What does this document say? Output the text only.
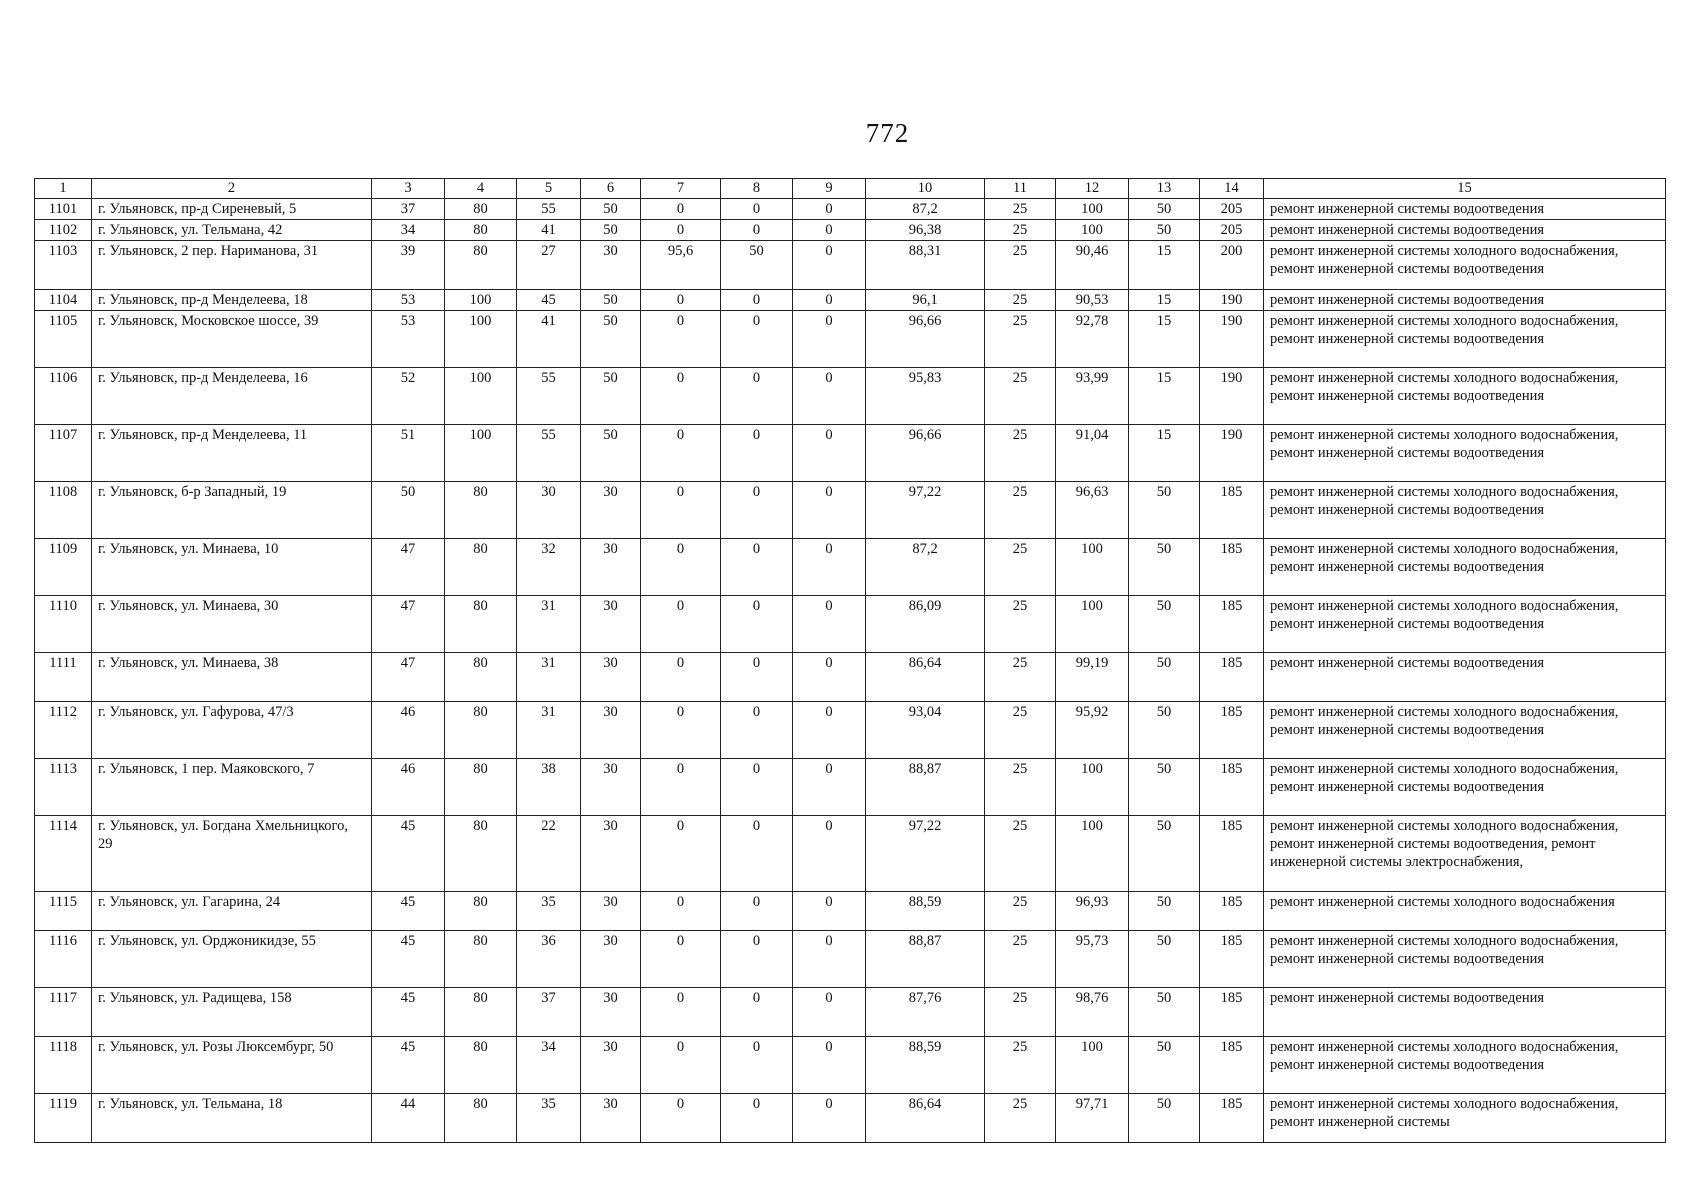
772
1	2	3	4	5	6	7	8	9	10	11	12	13	14	15
1101	г. Ульяновск, пр-д Сиреневый, 5	37	80	55	50	0	0	0	87,2	25	100	50	205	ремонт инженерной системы водоотведения
1102	г. Ульяновск, ул. Тельмана, 42	34	80	41	50	0	0	0	96,38	25	100	50	205	ремонт инженерной системы водоотведения
1103	г. Ульяновск, 2 пер. Нариманова, 31	39	80	27	30	95,6	50	0	88,31	25	90,46	15	200	ремонт инженерной системы холодного водоснабжения, ремонт инженерной системы водоотведения
1104	г. Ульяновск, пр-д Менделеева, 18	53	100	45	50	0	0	0	96,1	25	90,53	15	190	ремонт инженерной системы водоотведения
1105	г. Ульяновск, Московское шоссе, 39	53	100	41	50	0	0	0	96,66	25	92,78	15	190	ремонт инженерной системы холодного водоснабжения, ремонт инженерной системы водоотведения
1106	г. Ульяновск, пр-д Менделеева, 16	52	100	55	50	0	0	0	95,83	25	93,99	15	190	ремонт инженерной системы холодного водоснабжения, ремонт инженерной системы водоотведения
1107	г. Ульяновск, пр-д Менделеева, 11	51	100	55	50	0	0	0	96,66	25	91,04	15	190	ремонт инженерной системы холодного водоснабжения, ремонт инженерной системы водоотведения
1108	г. Ульяновск, б-р Западный, 19	50	80	30	30	0	0	0	97,22	25	96,63	50	185	ремонт инженерной системы холодного водоснабжения, ремонт инженерной системы водоотведения
1109	г. Ульяновск, ул. Минаева, 10	47	80	32	30	0	0	0	87,2	25	100	50	185	ремонт инженерной системы холодного водоснабжения, ремонт инженерной системы водоотведения
1110	г. Ульяновск, ул. Минаева, 30	47	80	31	30	0	0	0	86,09	25	100	50	185	ремонт инженерной системы холодного водоснабжения, ремонт инженерной системы водоотведения
1111	г. Ульяновск, ул. Минаева, 38	47	80	31	30	0	0	0	86,64	25	99,19	50	185	ремонт инженерной системы водоотведения
1112	г. Ульяновск, ул. Гафурова, 47/3	46	80	31	30	0	0	0	93,04	25	95,92	50	185	ремонт инженерной системы холодного водоснабжения, ремонт инженерной системы водоотведения
1113	г. Ульяновск, 1 пер. Маяковского, 7	46	80	38	30	0	0	0	88,87	25	100	50	185	ремонт инженерной системы холодного водоснабжения, ремонт инженерной системы водоотведения
1114	г. Ульяновск, ул. Богдана Хмельницкого, 29	45	80	22	30	0	0	0	97,22	25	100	50	185	ремонт инженерной системы холодного водоснабжения, ремонт инженерной системы водоотведения, ремонт инженерной системы электроснабжения,
1115	г. Ульяновск, ул. Гагарина, 24	45	80	35	30	0	0	0	88,59	25	96,93	50	185	ремонт инженерной системы холодного водоснабжения
1116	г. Ульяновск, ул. Орджоникидзе, 55	45	80	36	30	0	0	0	88,87	25	95,73	50	185	ремонт инженерной системы холодного водоснабжения, ремонт инженерной системы водоотведения
1117	г. Ульяновск, ул. Радищева, 158	45	80	37	30	0	0	0	87,76	25	98,76	50	185	ремонт инженерной системы водоотведения
1118	г. Ульяновск, ул. Розы Люксембург, 50	45	80	34	30	0	0	0	88,59	25	100	50	185	ремонт инженерной системы холодного водоснабжения, ремонт инженерной системы водоотведения
1119	г. Ульяновск, ул. Тельмана, 18	44	80	35	30	0	0	0	86,64	25	97,71	50	185	ремонт инженерной системы холодного водоснабжения, ремонт инженерной системы
